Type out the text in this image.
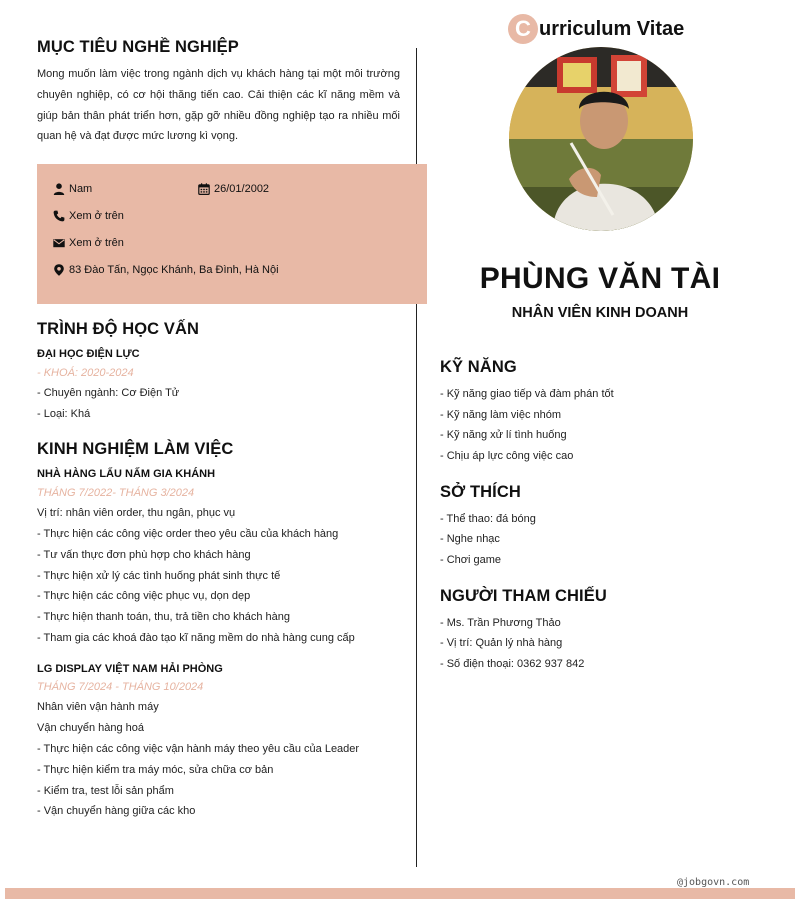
MỤC TIÊU NGHỀ NGHIỆP
Mong muốn làm việc trong ngành dịch vụ khách hàng tại một môi trường chuyên nghiệp, có cơ hội thăng tiến cao. Cải thiện các kĩ năng mềm và giúp bản thân phát triển hơn, gặp gỡ nhiều đồng nghiệp tạo ra nhiều mối quan hệ và đạt được mức lương kì vọng.
Nam	26/01/2002
Xem ở trên
Xem ở trên
83 Đào Tấn, Ngọc Khánh, Ba Đình, Hà Nội
TRÌNH ĐỘ HỌC VẤN
ĐẠI HỌC ĐIỆN LỰC
- KHOÁ: 2020-2024
- Chuyên ngành: Cơ Điện Tử
- Loại: Khá
KINH NGHIỆM LÀM VIỆC
NHÀ HÀNG LẨU NẤM GIA KHÁNH
THÁNG 7/2022- THÁNG 3/2024
Vị trí: nhân viên order, thu ngân, phục vụ
- Thực hiện các công việc order theo yêu cầu của khách hàng
- Tư vấn thực đơn phù hợp cho khách hàng
- Thực hiện xử lý các tình huống phát sinh thực tế
- Thực hiện các công việc phục vụ, dọn dẹp
- Thực hiện thanh toán, thu, trả tiền cho khách hàng
- Tham gia các khoá đào tạo kĩ năng mềm do nhà hàng cung cấp
LG DISPLAY VIỆT NAM HẢI PHÒNG
THÁNG 7/2024 - THÁNG 10/2024
Nhân viên vận hành máy
Vận chuyển hàng hoá
- Thực hiện các công việc vận hành máy theo yêu cầu của Leader
- Thực hiện kiểm tra máy móc, sửa chữa cơ bản
- Kiểm tra, test lỗi sản phẩm
- Vận chuyển hàng giữa các kho
C urriculum Vitae
PHÙNG VĂN TÀI
NHÂN VIÊN KINH DOANH
KỸ NĂNG
- Kỹ năng giao tiếp và đàm phán tốt
- Kỹ năng làm việc nhóm
- Kỹ năng xử lí tình huống
- Chịu áp lực công việc cao
SỞ THÍCH
- Thể thao: đá bóng
- Nghe nhạc
- Chơi game
NGƯỜI THAM CHIẾU
- Ms. Trần Phương Thảo
- Vị trí: Quản lý nhà hàng
- Số điện thoại: 0362 937 842
@jobgovn.com
